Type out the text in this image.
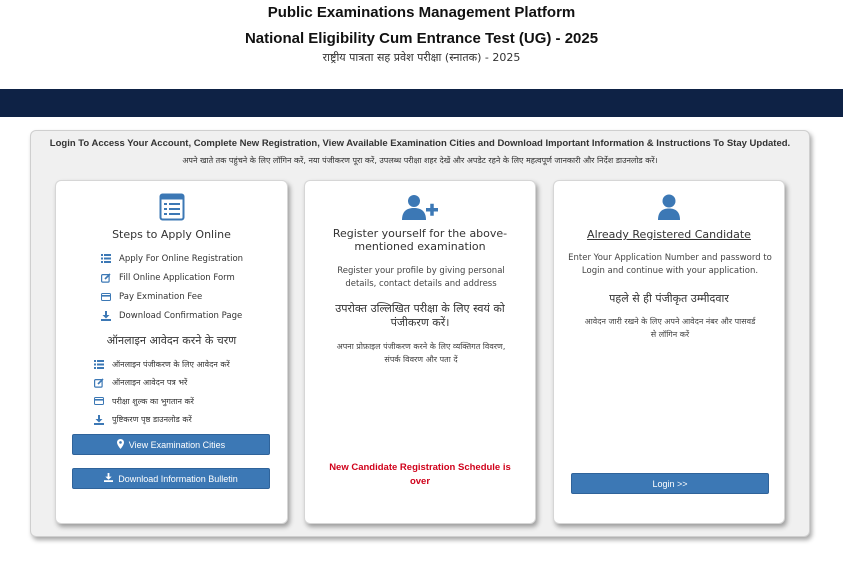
Public Examinations Management Platform
National Eligibility Cum Entrance Test (UG) - 2025
राष्ट्रीय पात्रता सह प्रवेश परीक्षा (स्नातक) - 2025
Login To Access Your Account, Complete New Registration, View Available Examination Cities and Download Important Information & Instructions To Stay Updated.
अपने खाते तक पहुंचने के लिए लॉगिन करें, नया पंजीकरण पूरा करें, उपलब्ध परीक्षा शहर देखें और अपडेट रहने के लिए महत्वपूर्ण जानकारी और निर्देश डाउनलोड करें।
Steps to Apply Online
Apply For Online Registration
Fill Online Application Form
Pay Exmination Fee
Download Confirmation Page
ऑनलाइन आवेदन करने के चरण
ऑनलाइन पंजीकरण के लिए आवेदन करें
ऑनलाइन आवेदन पत्र भरें
परीक्षा शुल्क का भुगतान करें
पुष्टिकरण पृष्ठ डाउनलोड करें
View Examination Cities
Download Information Bulletin
Register yourself for the above-mentioned examination
Register your profile by giving personal details, contact details and address
उपरोक्त उल्लिखित परीक्षा के लिए स्वयं को पंजीकरण करें।
अपना प्रोफ़ाइल पंजीकरण करने के लिए व्यक्तिगत विवरण, संपर्क विवरण और पता दें
New Candidate Registration Schedule is over
Already Registered Candidate
Enter Your Application Number and password to Login and continue with your application.
पहले से ही पंजीकृत उम्मीदवार
आवेदन जारी रखने के लिए अपने आवेदन नंबर और पासवर्ड से लॉगिन करें
Login >>
